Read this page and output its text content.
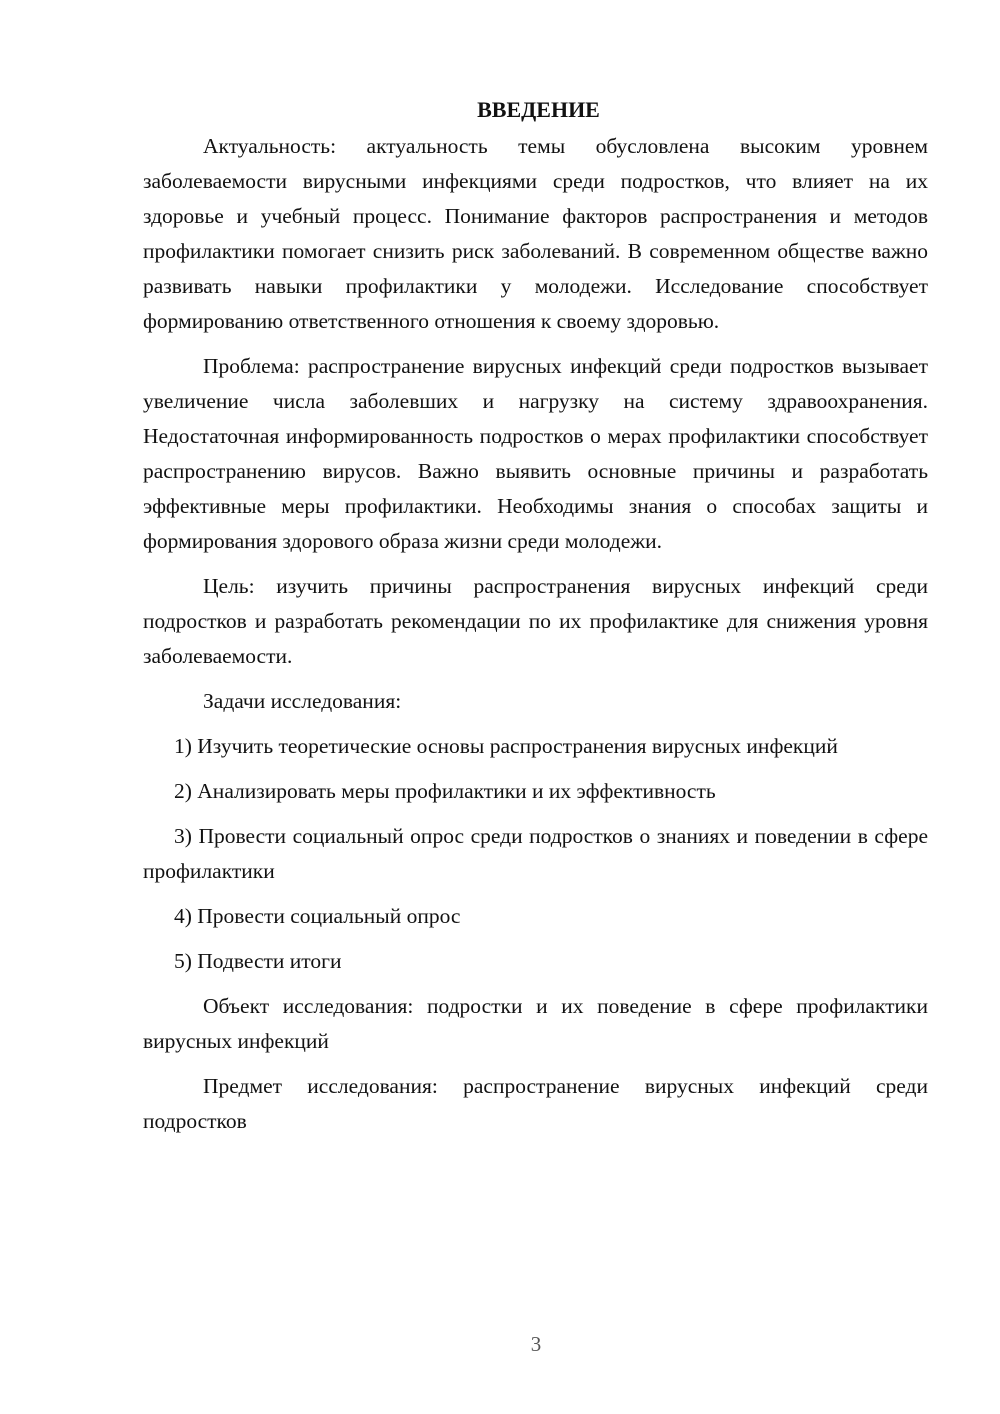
ВВЕДЕНИЕ

Актуальность: актуальность темы обусловлена высоким уровнем заболеваемости вирусными инфекциями среди подростков, что влияет на их здоровье и учебный процесс. Понимание факторов распространения и методов профилактики помогает снизить риск заболеваний. В современном обществе важно развивать навыки профилактики у молодежи. Исследование способствует формированию ответственного отношения к своему здоровью.

Проблема: распространение вирусных инфекций среди подростков вызывает увеличение числа заболевших и нагрузку на систему здравоохранения. Недостаточная информированность подростков о мерах профилактики способствует распространению вирусов. Важно выявить основные причины и разработать эффективные меры профилактики. Необходимы знания о способах защиты и формирования здорового образа жизни среди молодежи.

Цель: изучить причины распространения вирусных инфекций среди подростков и разработать рекомендации по их профилактике для снижения уровня заболеваемости.

Задачи исследования:

1) Изучить теоретические основы распространения вирусных инфекций

2) Анализировать меры профилактики и их эффективность

3) Провести социальный опрос среди подростков о знаниях и поведении в сфере профилактики

4) Провести социальный опрос

5) Подвести итоги

Объект исследования: подростки и их поведение в сфере профилактики вирусных инфекций

Предмет исследования: распространение вирусных инфекций среди подростков

3
